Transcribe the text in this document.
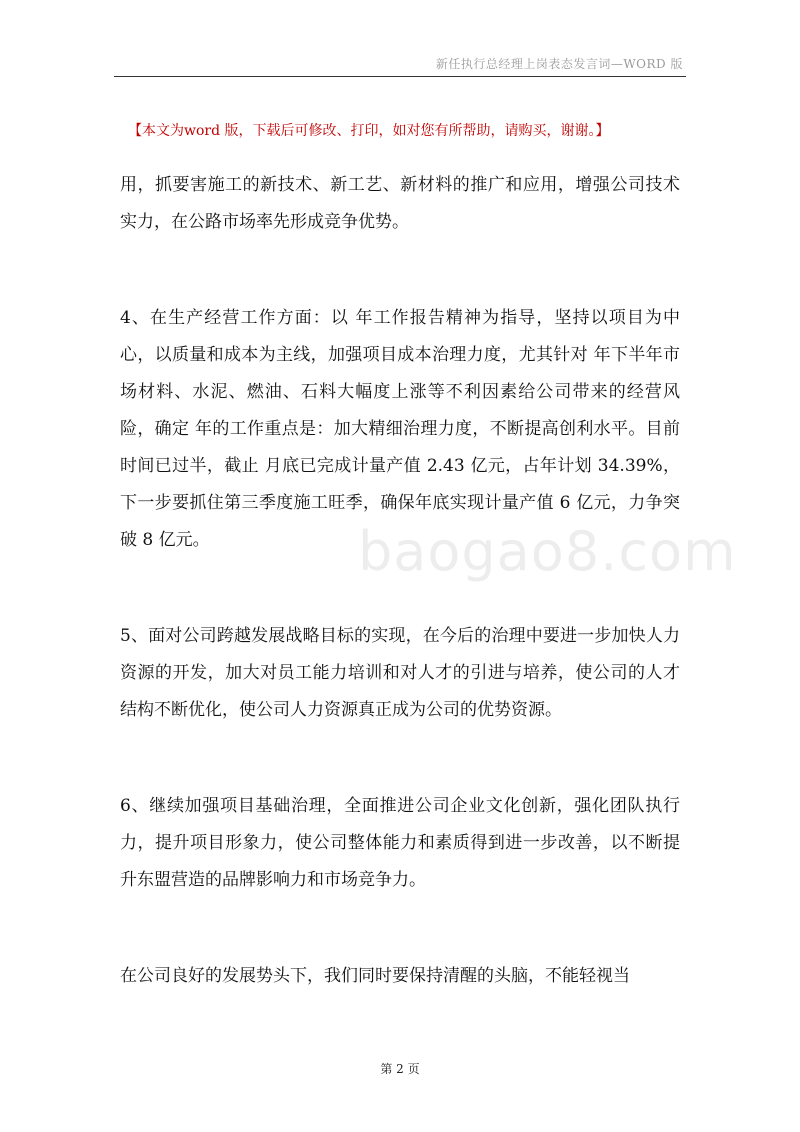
新任执行总经理上岗表态发言词—WORD 版
【本文为word 版，下载后可修改、打印，如对您有所帮助，请购买，谢谢。】

用，抓要害施工的新技术、新工艺、新材料的推广和应用，增强公司技术实力，在公路市场率先形成竞争优势。

4、在生产经营工作方面：以 年工作报告精神为指导，坚持以项目为中心，以质量和成本为主线，加强项目成本治理力度，尤其针对 年下半年市场材料、水泥、燃油、石料大幅度上涨等不利因素给公司带来的经营风险，确定 年的工作重点是：加大精细治理力度，不断提高创利水平。目前时间已过半，截止 月底已完成计量产值 2.43 亿元，占年计划 34.39%，下一步要抓住第三季度施工旺季，确保年底实现计量产值 6 亿元，力争突破 8 亿元。

5、面对公司跨越发展战略目标的实现，在今后的治理中要进一步加快人力资源的开发，加大对员工能力培训和对人才的引进与培养，使公司的人才结构不断优化，使公司人力资源真正成为公司的优势资源。

6、继续加强项目基础治理，全面推进公司企业文化创新，强化团队执行力，提升项目形象力，使公司整体能力和素质得到进一步改善，以不断提升东盟营造的品牌影响力和市场竞争力。

在公司良好的发展势头下，我们同时要保持清醒的头脑，不能轻视当

baogao8.com
第 2 页
